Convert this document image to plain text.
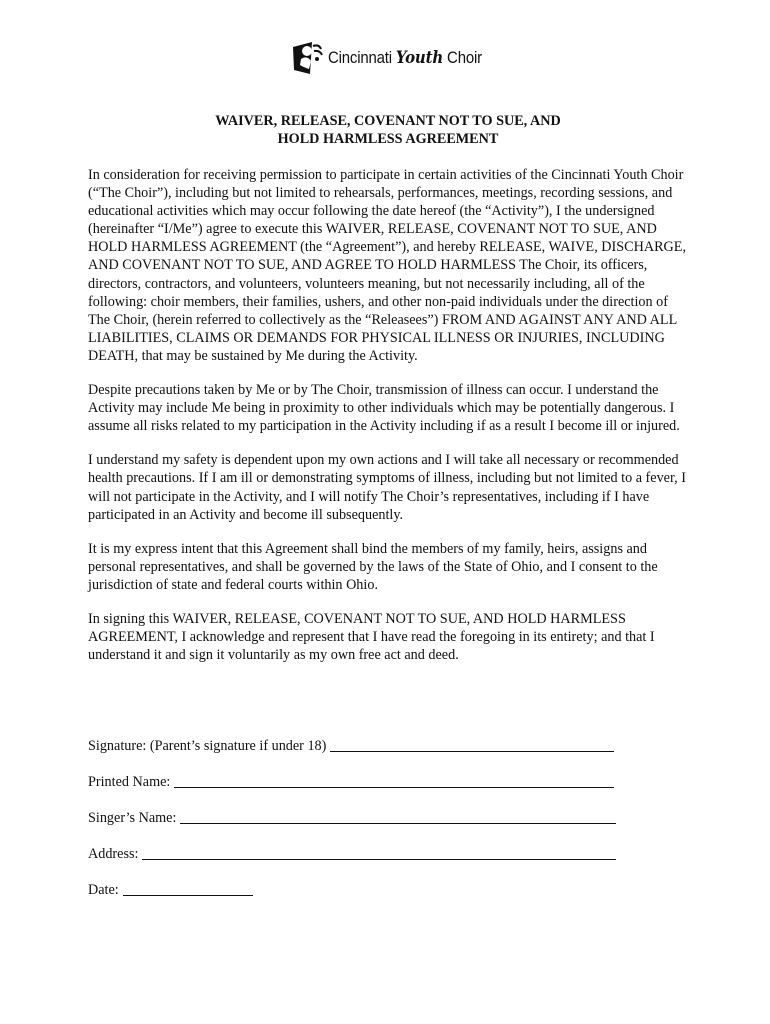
Cincinnati Youth Choir
WAIVER, RELEASE, COVENANT NOT TO SUE, AND
HOLD HARMLESS AGREEMENT

In consideration for receiving permission to participate in certain activities of the Cincinnati Youth Choir (“The Choir”), including but not limited to rehearsals, performances, meetings, recording sessions, and educational activities which may occur following the date hereof (the “Activity”), I the undersigned (hereinafter “I/Me”) agree to execute this WAIVER, RELEASE, COVENANT NOT TO SUE, AND HOLD HARMLESS AGREEMENT (the “Agreement”), and hereby RELEASE, WAIVE, DISCHARGE, AND COVENANT NOT TO SUE, AND AGREE TO HOLD HARMLESS The Choir, its officers, directors, contractors, and volunteers, volunteers meaning, but not necessarily including, all of the following: choir members, their families, ushers, and other non-paid individuals under the direction of The Choir, (herein referred to collectively as the “Releasees”) FROM AND AGAINST ANY AND ALL LIABILITIES, CLAIMS OR DEMANDS FOR PHYSICAL ILLNESS OR INJURIES, INCLUDING DEATH, that may be sustained by Me during the Activity.

Despite precautions taken by Me or by The Choir, transmission of illness can occur. I understand the Activity may include Me being in proximity to other individuals which may be potentially dangerous. I assume all risks related to my participation in the Activity including if as a result I become ill or injured.

I understand my safety is dependent upon my own actions and I will take all necessary or recommended health precautions. If I am ill or demonstrating symptoms of illness, including but not limited to a fever, I will not participate in the Activity, and I will notify The Choir’s representatives, including if I have participated in an Activity and become ill subsequently.

It is my express intent that this Agreement shall bind the members of my family, heirs, assigns and personal representatives, and shall be governed by the laws of the State of Ohio, and I consent to the jurisdiction of state and federal courts within Ohio.

In signing this WAIVER, RELEASE, COVENANT NOT TO SUE, AND HOLD HARMLESS AGREEMENT, I acknowledge and represent that I have read the foregoing in its entirety; and that I understand it and sign it voluntarily as my own free act and deed.

Signature: (Parent’s signature if under 18)
Printed Name:
Singer’s Name:
Address:
Date:
